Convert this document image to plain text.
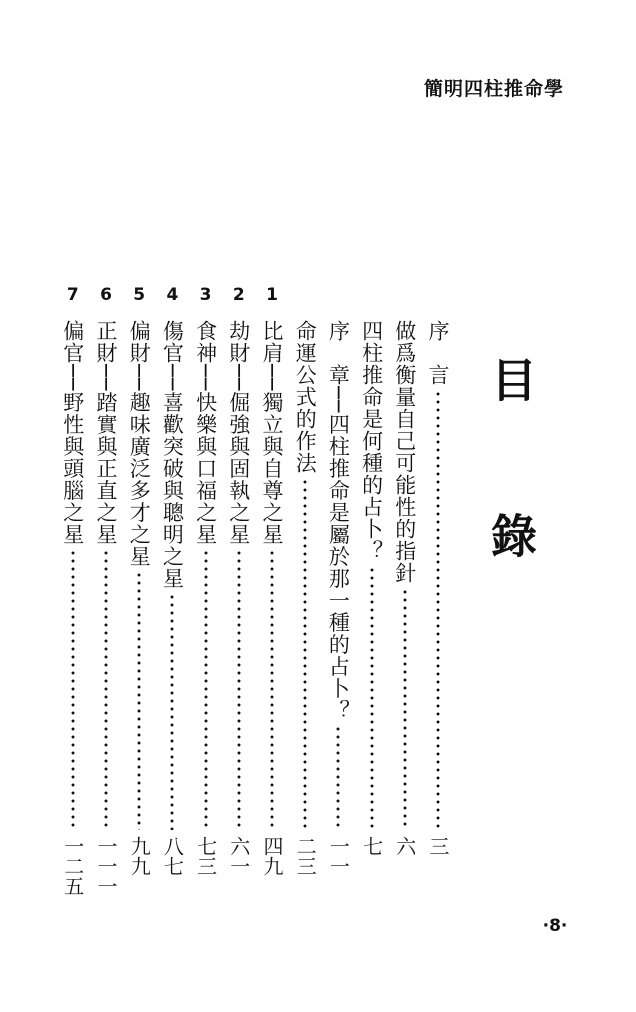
簡明四柱推命學
目錄
序　言
三
做爲衡量自己可能性的指針
六
四柱推命是何種的占卜？
七
序　章──四柱推命是屬於那一種的占卜？
一一
命運公式的作法
二三
1
比肩──獨立與自尊之星
四九
2
劫財──倔強與固執之星
六一
3
食神──快樂與口福之星
七三
4
傷官──喜歡突破與聰明之星
八七
5
偏財──趣味廣泛多才之星
九九
6
正財──踏實與正直之星
一一一
7
偏官──野性與頭腦之星
一二五
·8·
